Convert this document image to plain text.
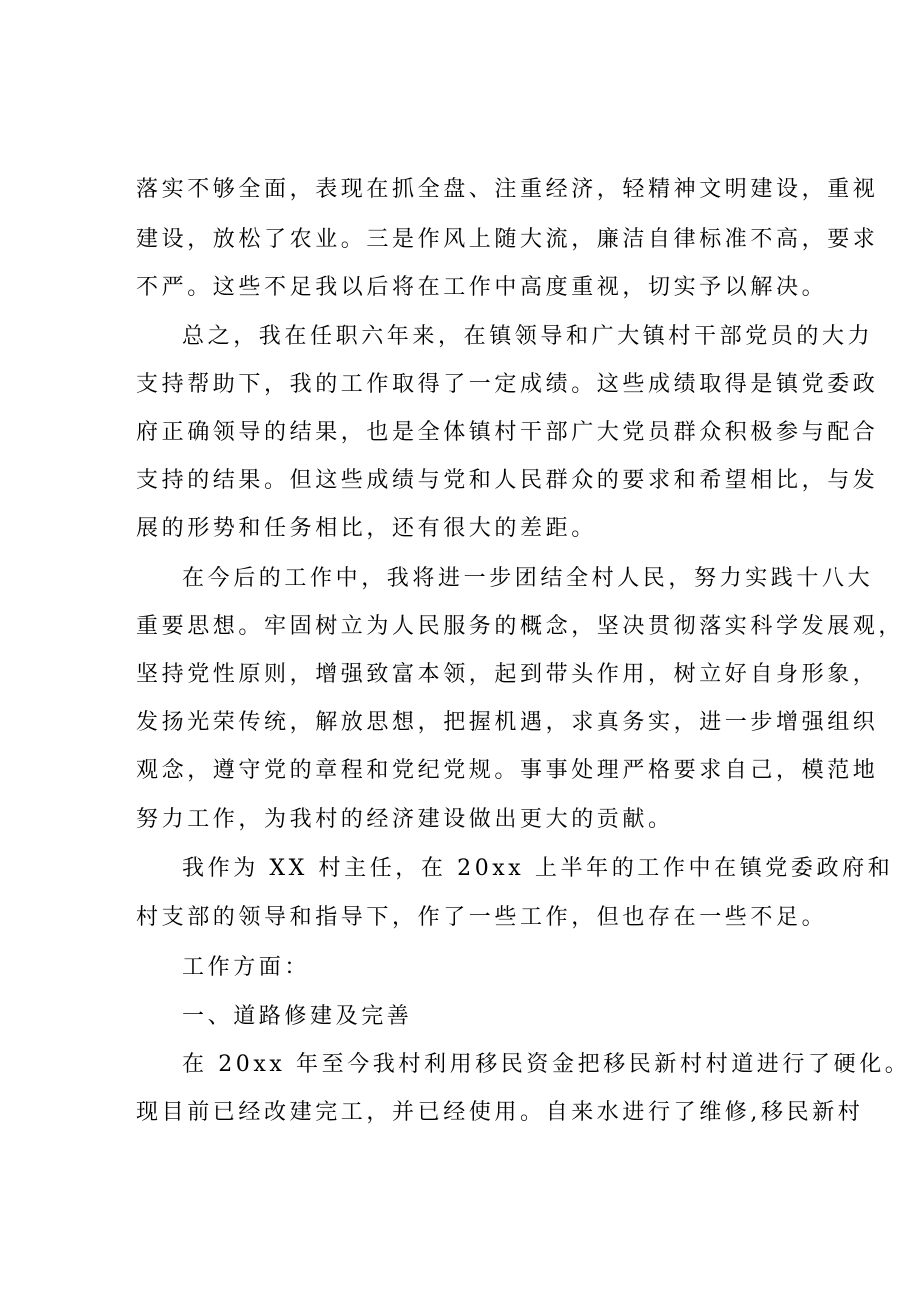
落实不够全面，表现在抓全盘、注重经济，轻精神文明建设，重视

建设，放松了农业。三是作风上随大流，廉洁自律标准不高，要求

不严。这些不足我以后将在工作中高度重视，切实予以解决。

总之，我在任职六年来，在镇领导和广大镇村干部党员的大力

支持帮助下，我的工作取得了一定成绩。这些成绩取得是镇党委政

府正确领导的结果，也是全体镇村干部广大党员群众积极参与配合

支持的结果。但这些成绩与党和人民群众的要求和希望相比，与发

展的形势和任务相比，还有很大的差距。

在今后的工作中，我将进一步团结全村人民，努力实践十八大

重要思想。牢固树立为人民服务的概念，坚决贯彻落实科学发展观，

坚持党性原则，增强致富本领，起到带头作用，树立好自身形象，

发扬光荣传统，解放思想，把握机遇，求真务实，进一步增强组织

观念，遵守党的章程和党纪党规。事事处理严格要求自己，模范地

努力工作，为我村的经济建设做出更大的贡献。

我作为 XX 村主任，在 20xx 上半年的工作中在镇党委政府和

村支部的领导和指导下，作了一些工作，但也存在一些不足。

工作方面：

一、道路修建及完善

在 20xx 年至今我村利用移民资金把移民新村村道进行了硬化。

现目前已经改建完工，并已经使用。自来水进行了维修,移民新村
